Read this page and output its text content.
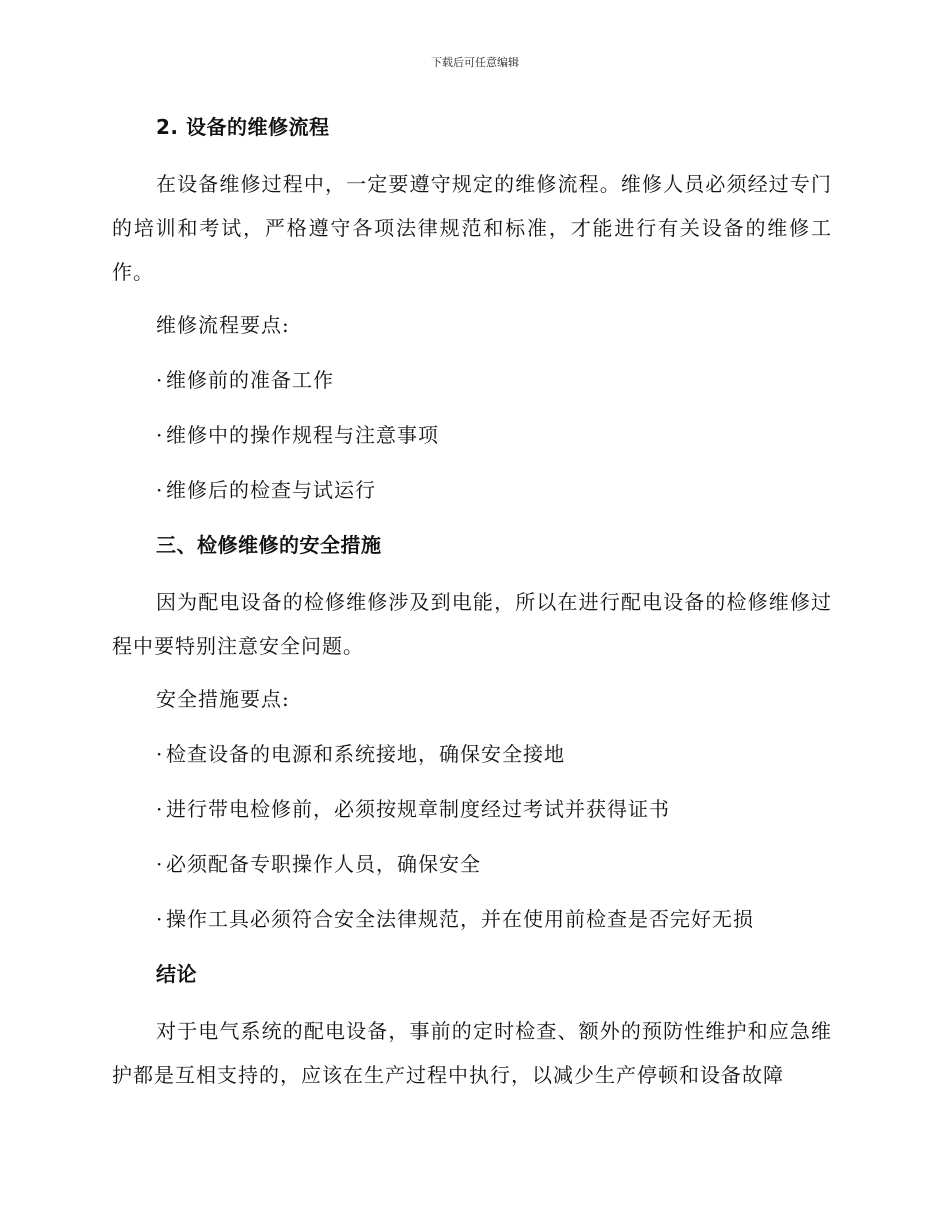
下载后可任意编辑
2. 设备的维修流程

在设备维修过程中，一定要遵守规定的维修流程。维修人员必须经过专门的培训和考试，严格遵守各项法律规范和标准，才能进行有关设备的维修工作。

维修流程要点:
· 维修前的准备工作
· 维修中的操作规程与注意事项
· 维修后的检查与试运行
三、检修维修的安全措施

因为配电设备的检修维修涉及到电能，所以在进行配电设备的检修维修过程中要特别注意安全问题。

安全措施要点:
· 检查设备的电源和系统接地，确保安全接地
· 进行带电检修前，必须按规章制度经过考试并获得证书
· 必须配备专职操作人员，确保安全
· 操作工具必须符合安全法律规范，并在使用前检查是否完好无损
结论

对于电气系统的配电设备，事前的定时检查、额外的预防性维护和应急维护都是互相支持的，应该在生产过程中执行，以减少生产停顿和设备故障
